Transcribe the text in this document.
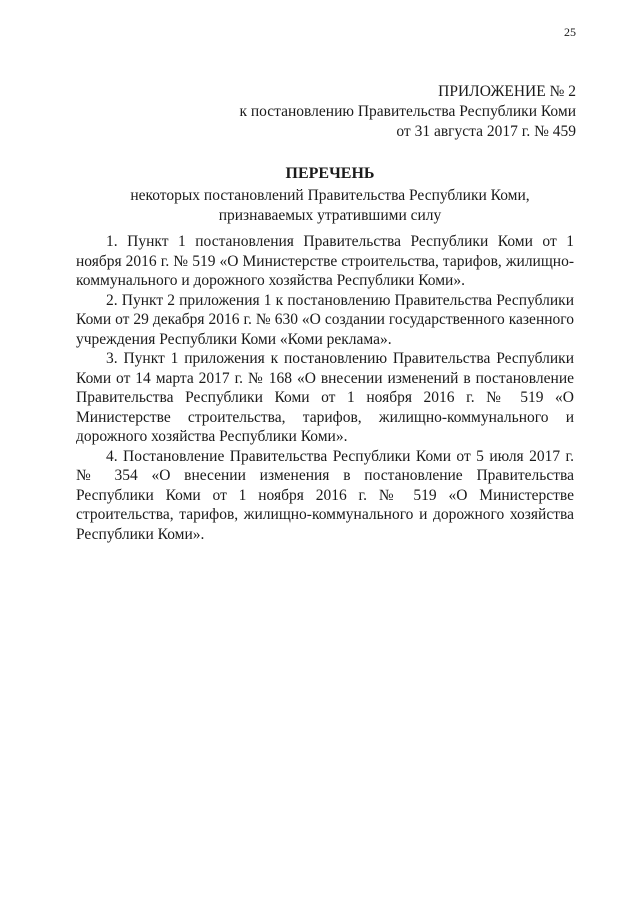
25
ПРИЛОЖЕНИЕ № 2
к постановлению Правительства Республики Коми
от 31 августа 2017 г. № 459
ПЕРЕЧЕНЬ
некоторых постановлений Правительства Республики Коми,
признаваемых утратившими силу

1. Пункт 1 постановления Правительства Республики Коми от 1 ноября 2016 г. № 519 «О Министерстве строительства, тарифов, жилищно-коммунального и дорожного хозяйства Республики Коми».

2. Пункт 2 приложения 1 к постановлению Правительства Республики Коми от 29 декабря 2016 г. № 630 «О создании государственного казенного учреждения Республики Коми «Коми реклама».

3. Пункт 1 приложения к постановлению Правительства Республики Коми от 14 марта 2017 г. № 168 «О внесении изменений в постановление Правительства Республики Коми от 1 ноября 2016 г. № 519 «О Министерстве строительства, тарифов, жилищно-коммунального и дорожного хозяйства Республики Коми».

4. Постановление Правительства Республики Коми от 5 июля 2017 г. № 354 «О внесении изменения в постановление Правительства Республики Коми от 1 ноября 2016 г. № 519 «О Министерстве строительства, тарифов, жилищно-коммунального и дорожного хозяйства Республики Коми».
